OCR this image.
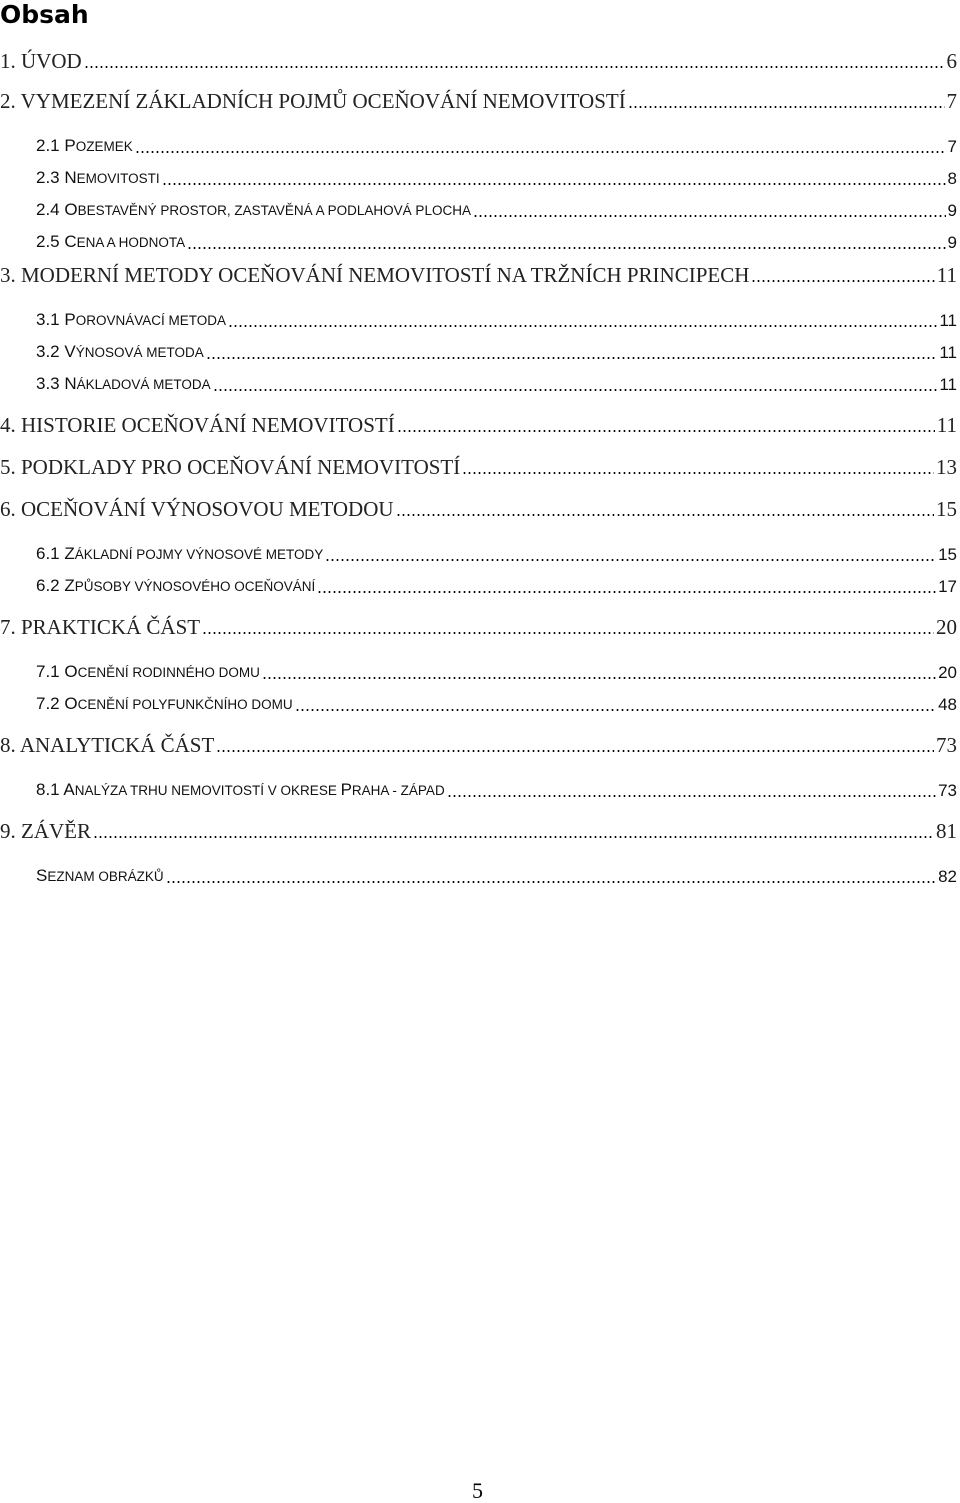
Obsah
1. ÚVOD	6
2. VYMEZENÍ ZÁKLADNÍCH POJMŮ OCEŇOVÁNÍ NEMOVITOSTÍ	7
2.1 POZEMEK	7
2.3 NEMOVITOSTI	8
2.4 OBESTAVĚNÝ PROSTOR, ZASTAVĚNÁ A PODLAHOVÁ PLOCHA	9
2.5 CENA A HODNOTA	9
3. MODERNÍ METODY OCEŇOVÁNÍ NEMOVITOSTÍ NA TRŽNÍCH PRINCIPECH	11
3.1 POROVNÁVACÍ METODA	11
3.2 VÝNOSOVÁ METODA	11
3.3 NÁKLADOVÁ METODA	11
4. HISTORIE OCEŇOVÁNÍ NEMOVITOSTÍ	11
5. PODKLADY PRO OCEŇOVÁNÍ NEMOVITOSTÍ	13
6. OCEŇOVÁNÍ VÝNOSOVOU METODOU	15
6.1 ZÁKLADNÍ POJMY VÝNOSOVÉ METODY	15
6.2 ZPŮSOBY VÝNOSOVÉHO OCEŇOVÁNÍ	17
7. PRAKTICKÁ ČÁST	20
7.1 OCENĚNÍ RODINNÉHO DOMU	20
7.2 OCENĚNÍ POLYFUNKČNÍHO DOMU	48
8. ANALYTICKÁ ČÁST	73
8.1 ANALÝZA TRHU NEMOVITOSTÍ V OKRESE PRAHA - ZÁPAD	73
9. ZÁVĚR	81
SEZNAM OBRÁZKŮ	82
5
